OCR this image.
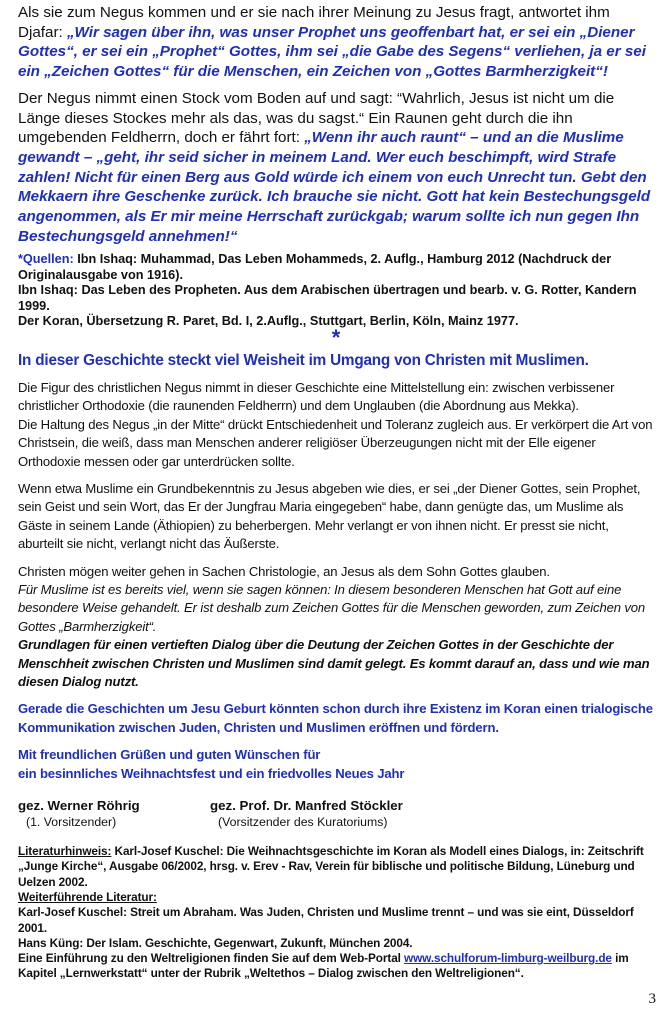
Als sie zum Negus kommen und er sie nach ihrer Meinung zu Jesus fragt, antwortet ihm Djafar: „Wir sagen über ihn, was unser Prophet uns geoffenbart hat, er sei ein „Diener Gottes“, er sei ein „Prophet“ Gottes, ihm sei „die Gabe des Segens“ verliehen, ja er sei ein „Zeichen Gottes“ für die Menschen, ein Zeichen von „Gottes Barmherzigkeit“!

Der Negus nimmt einen Stock vom Boden auf und sagt: “Wahrlich, Jesus ist nicht um die Länge dieses Stockes mehr als das, was du sagst.“ Ein Raunen geht durch die ihn umgebenden Feldherrn, doch er fährt fort: „Wenn ihr auch raunt“ – und an die Muslime gewandt – „geht, ihr seid sicher in meinem Land. Wer euch beschimpft, wird Strafe zahlen! Nicht für einen Berg aus Gold würde ich einem von euch Unrecht tun. Gebt den Mekkaern ihre Geschenke zurück. Ich brauche sie nicht. Gott hat kein Bestechungsgeld angenommen, als Er mir meine Herrschaft zurückgab; warum sollte ich nun gegen Ihn Bestechungsgeld annehmen!“

*Quellen: Ibn Ishaq: Muhammad, Das Leben Mohammeds, 2. Auflɡ., Hamburg 2012 (Nachdruck der Originalausgabe von 1916).
Ibn Ishaq: Das Leben des Propheten. Aus dem Arabischen übertragen und bearb. v. G. Rotter, Kandern 1999.
Der Koran, Übersetzung R. Paret, Bd. I, 2.Auflɡ., Stuttgart, Berlin, Köln, Mainz 1977.
*
In dieser Geschichte steckt viel Weisheit im Umgang von Christen mit Muslimen.

Die Figur des christlichen Negus nimmt in dieser Geschichte eine Mittelstellung ein: zwischen verbissener christlicher Orthodoxie (die raunenden Feldherrn) und dem Unglauben (die Abordnung aus Mekka).
Die Haltung des Negus „in der Mitte“ drückt Entschiedenheit und Toleranz zugleich aus. Er verkörpert die Art von Christsein, die weiß, dass man Menschen anderer religiöser Überzeugungen nicht mit der Elle eigener Orthodoxie messen oder gar unterdrücken sollte.

Wenn etwa Muslime ein Grundbekenntnis zu Jesus abgeben wie dies, er sei „der Diener Gottes, sein Prophet, sein Geist und sein Wort, das Er der Jungfrau Maria eingegeben“ habe, dann genügte das, um Muslime als Gäste in seinem Lande (Äthiopien) zu beherbergen. Mehr verlangt er von ihnen nicht. Er presst sie nicht, aburteilt sie nicht, verlangt nicht das Äußerste.

Christen mögen weiter gehen in Sachen Christologie, an Jesus als dem Sohn Gottes glauben.
Für Muslime ist es bereits viel, wenn sie sagen können: In diesem besonderen Menschen hat Gott auf eine besondere Weise gehandelt. Er ist deshalb zum Zeichen Gottes für die Menschen geworden, zum Zeichen von Gottes „Barmherzigkeit“.
Grundlagen für einen vertieften Dialog über die Deutung der Zeichen Gottes in der Geschichte der Menschheit zwischen Christen und Muslimen sind damit gelegt. Es kommt darauf an, dass und wie man diesen Dialog nutzt.

Gerade die Geschichten um Jesu Geburt könnten schon durch ihre Existenz im Koran einen trialogische Kommunikation zwischen Juden, Christen und Muslimen eröffnen und fördern.

Mit freundlichen Grüßen und guten Wünschen für
ein besinnliches Weihnachtsfest und ein friedvolles Neues Jahr

gez. Werner Röhrig
(1. Vorsitzender)
gez. Prof. Dr. Manfred Stöckler
(Vorsitzender des Kuratoriums)
Literaturhinweis: Karl-Josef Kuschel: Die Weihnachtsgeschichte im Koran als Modell eines Dialogs, in: Zeitschrift „Junge Kirche“, Ausgabe 06/2002, hrsg. v. Erev - Rav, Verein für biblische und politische Bildung, Lüneburg und Uelzen 2002.
Weiterführende Literatur:
Karl-Josef Kuschel: Streit um Abraham. Was Juden, Christen und Muslime trennt – und was sie eint, Düsseldorf 2001.
Hans Küng: Der Islam. Geschichte, Gegenwart, Zukunft, München 2004.
Eine Einführung zu den Weltreligionen finden Sie auf dem Web-Portal www.schulforum-limburg-weilburg.de im Kapitel „Lernwerkstatt“ unter der Rubrik „Weltethos – Dialog zwischen den Weltreligionen“.
3
